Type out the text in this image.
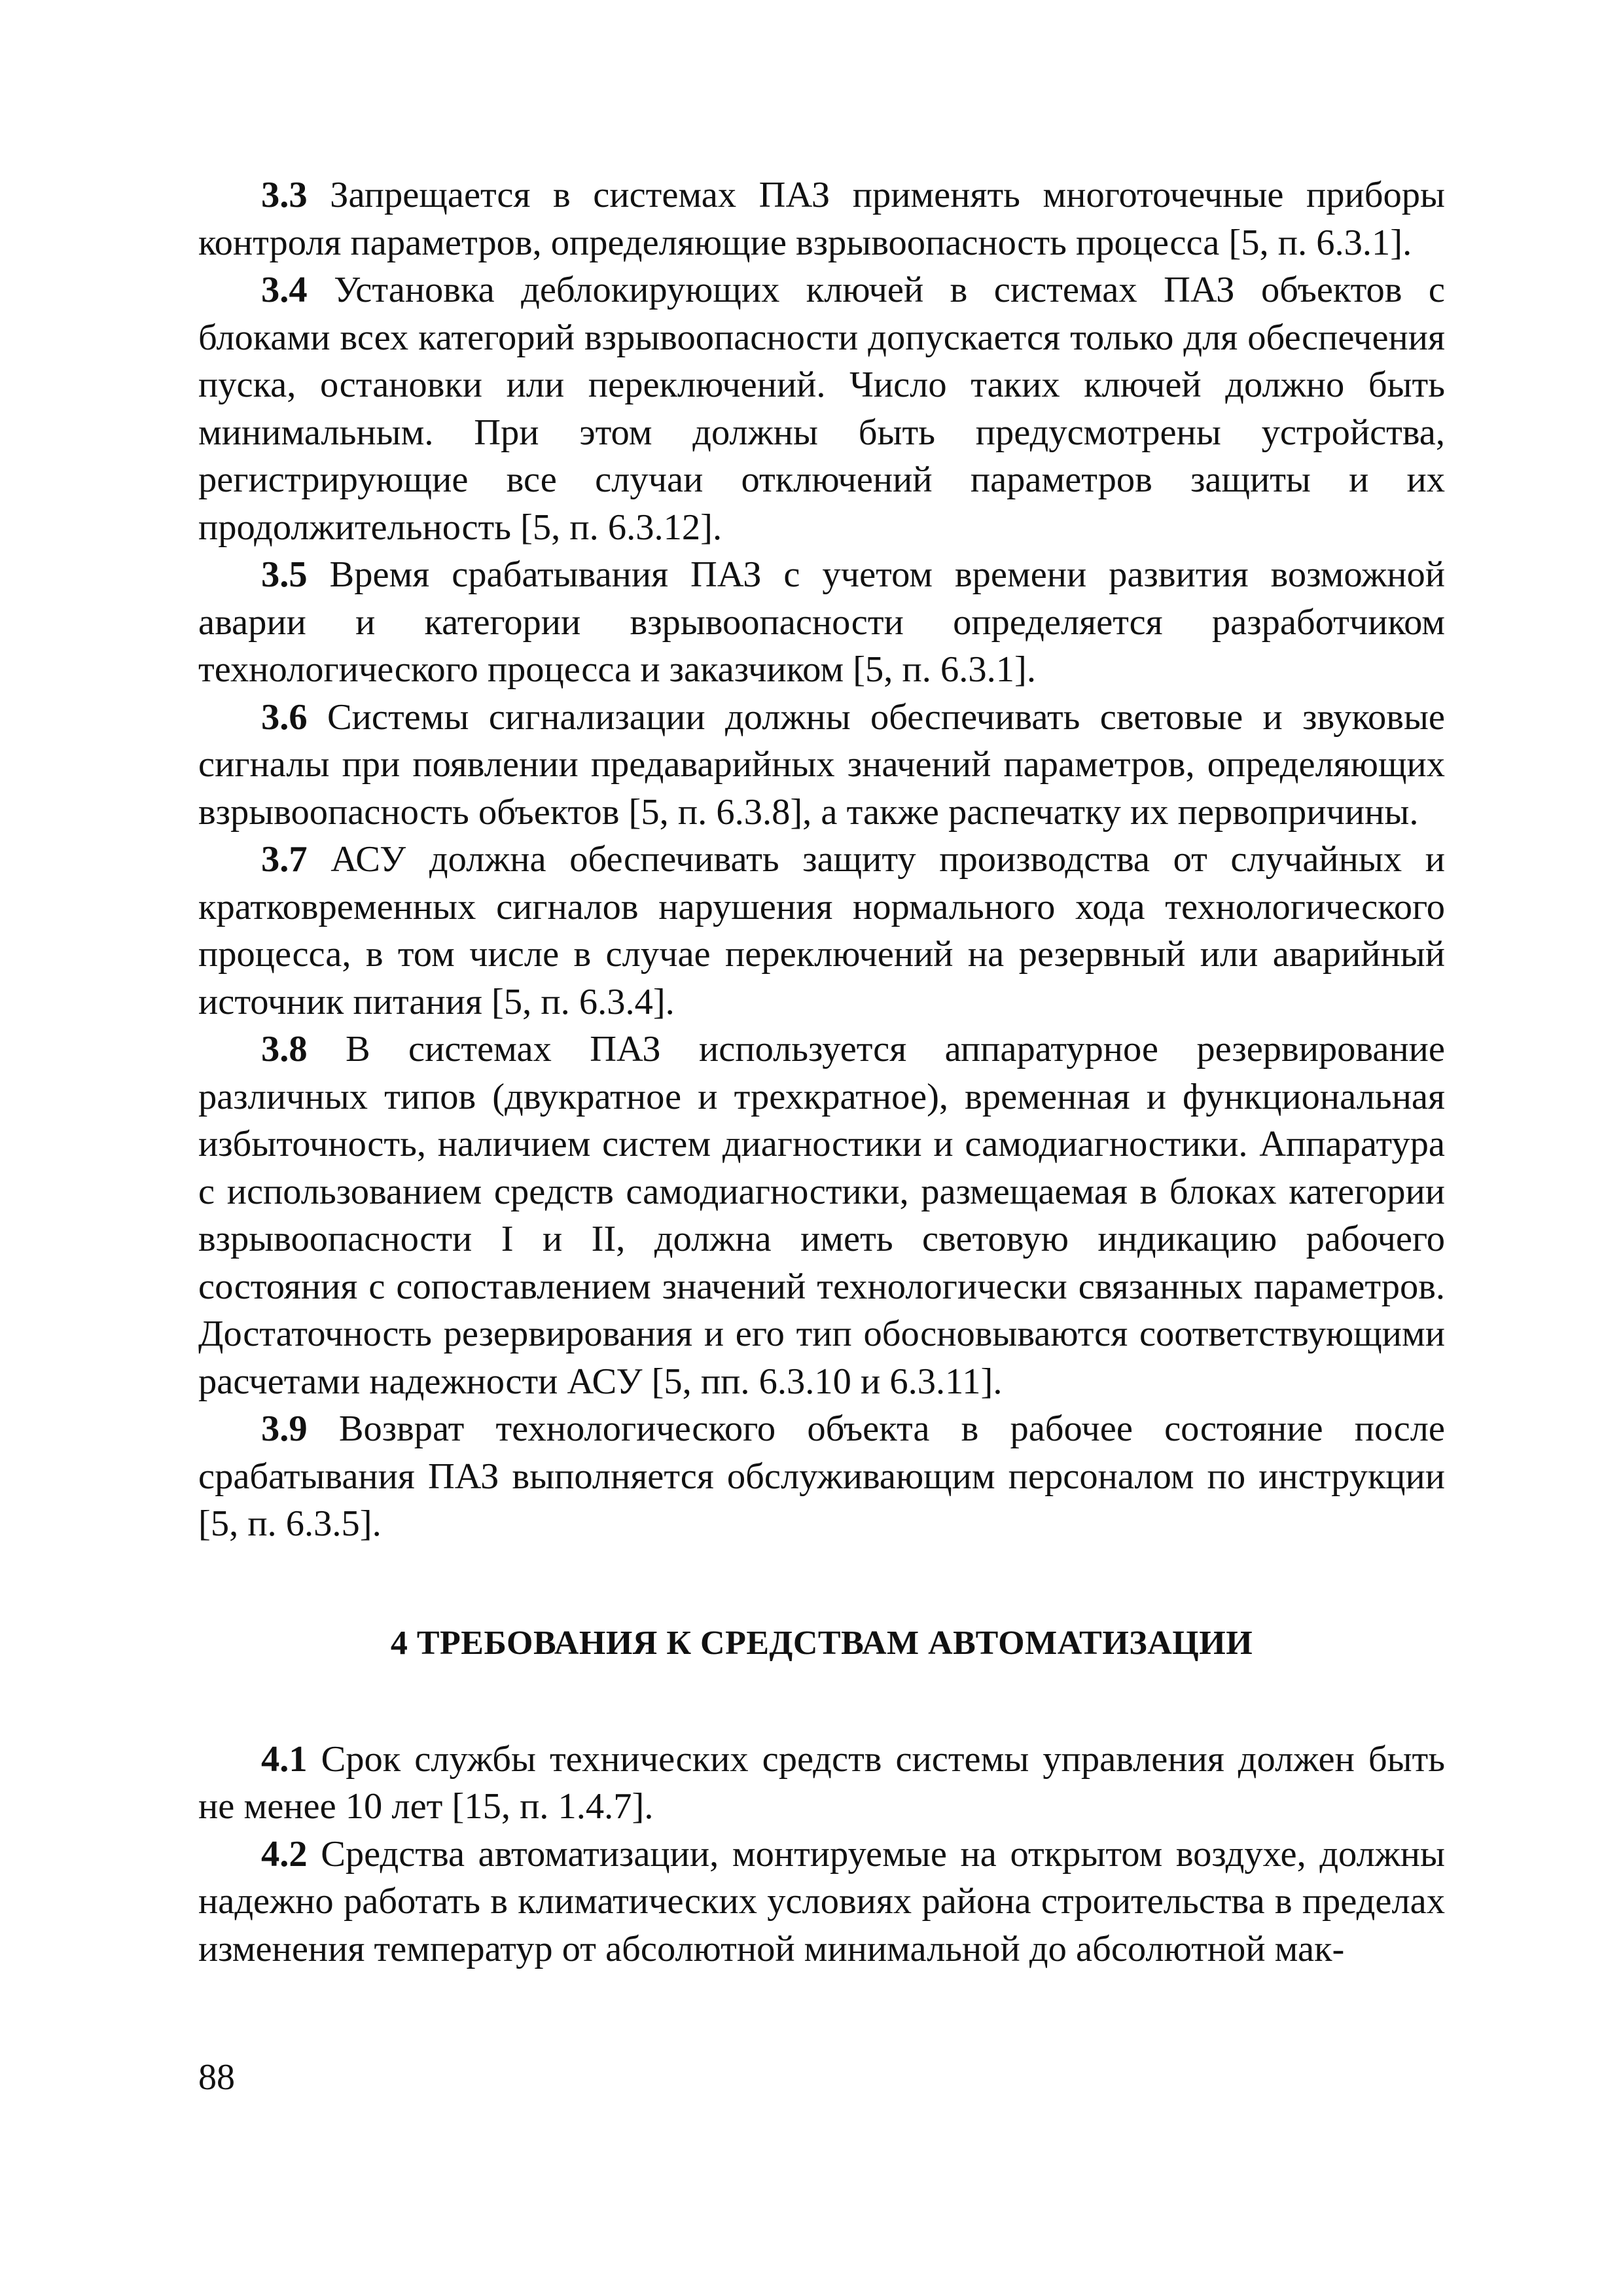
3.3 Запрещается в системах ПАЗ применять многоточечные приборы контроля параметров, определяющие взрывоопасность процесса [5, п. 6.3.1].

3.4 Установка деблокирующих ключей в системах ПАЗ объектов с блоками всех категорий взрывоопасности допускается только для обеспечения пуска, остановки или переключений. Число таких ключей должно быть минимальным. При этом должны быть предусмотрены устройства, регистрирующие все случаи отключений параметров защиты и их продолжительность [5, п. 6.3.12].

3.5 Время срабатывания ПАЗ с учетом времени развития возможной аварии и категории взрывоопасности определяется разработчиком технологического процесса и заказчиком [5, п. 6.3.1].

3.6 Системы сигнализации должны обеспечивать световые и звуковые сигналы при появлении предаварийных значений параметров, определяющих взрывоопасность объектов [5, п. 6.3.8], а также распечатку их первопричины.

3.7 АСУ должна обеспечивать защиту производства от случайных и кратковременных сигналов нарушения нормального хода технологического процесса, в том числе в случае переключений на резервный или аварийный источник питания [5, п. 6.3.4].

3.8 В системах ПАЗ используется аппаратурное резервирование различных типов (двукратное и трехкратное), временная и функциональная избыточность, наличием систем диагностики и самодиагностики. Аппаратура с использованием средств самодиагностики, размещаемая в блоках категории взрывоопасности I и II, должна иметь световую индикацию рабочего состояния с сопоставлением значений технологически связанных параметров. Достаточность резервирования и его тип обосновываются соответствующими расчетами надежности АСУ [5, пп. 6.3.10 и 6.3.11].

3.9 Возврат технологического объекта в рабочее состояние после срабатывания ПАЗ выполняется обслуживающим персоналом по инструкции [5, п. 6.3.5].

4 ТРЕБОВАНИЯ К СРЕДСТВАМ АВТОМАТИЗАЦИИ

4.1 Срок службы технических средств системы управления должен быть не менее 10 лет [15, п. 1.4.7].

4.2 Средства автоматизации, монтируемые на открытом воздухе, должны надежно работать в климатических условиях района строительства в пределах изменения температур от абсолютной минимальной до абсолютной мак-

88
